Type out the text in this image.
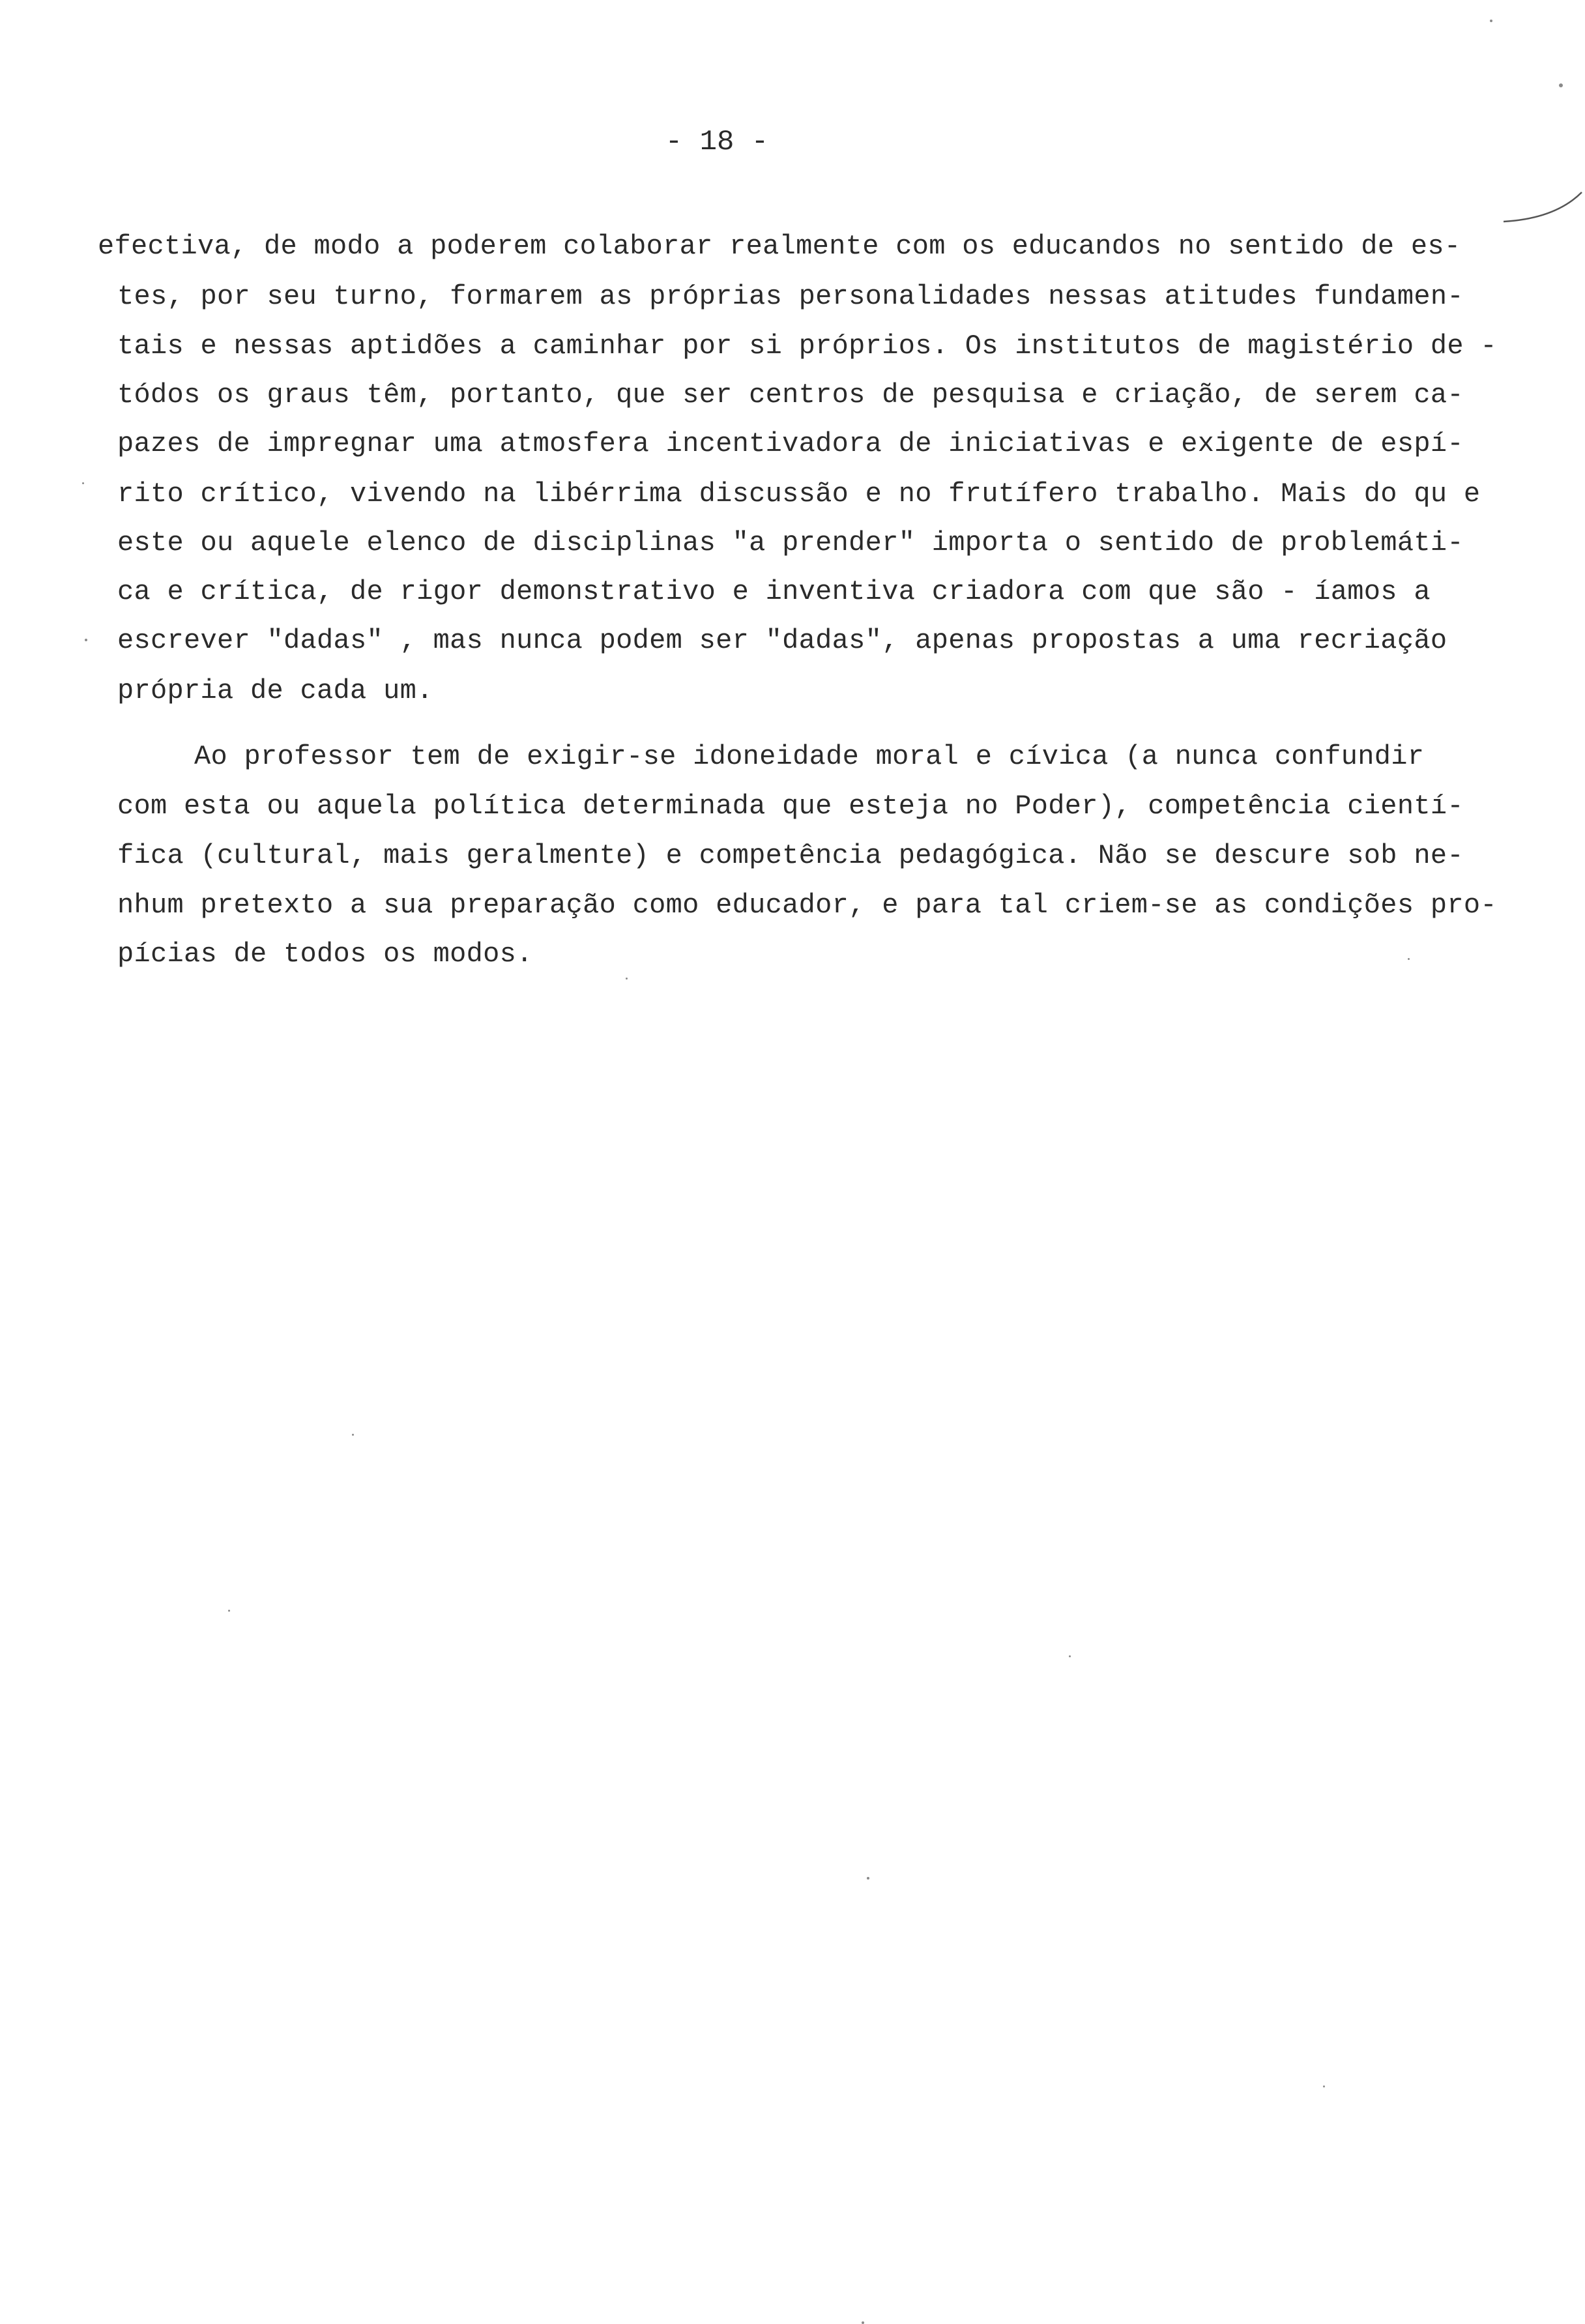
- 18 -
efectiva, de modo a poderem colaborar realmente com os educandos no sentido de es-
tes, por seu turno, formarem as próprias personalidades nessas atitudes fundamen-
tais e nessas aptidões a caminhar por si próprios. Os institutos de magistério de -
tódos os graus têm, portanto, que ser centros de pesquisa e criação, de serem ca-
pazes de impregnar uma atmosfera incentivadora de iniciativas e exigente de espí-
rito crítico, vivendo na libérrima discussão e no frutífero trabalho. Mais do qu e
este ou aquele elenco de disciplinas "a prender" importa o sentido de problemáti-
ca e crítica, de rigor demonstrativo e inventiva criadora com que são - íamos a
escrever "dadas" , mas nunca podem ser "dadas", apenas propostas a uma recriação
própria de cada um.
Ao professor tem de exigir-se idoneidade moral e cívica (a nunca confundir
com esta ou aquela política determinada que esteja no Poder), competência cientí-
fica (cultural, mais geralmente) e competência pedagógica. Não se descure sob ne-
nhum pretexto a sua preparação como educador, e para tal criem-se as condições pro-
pícias de todos os modos.
